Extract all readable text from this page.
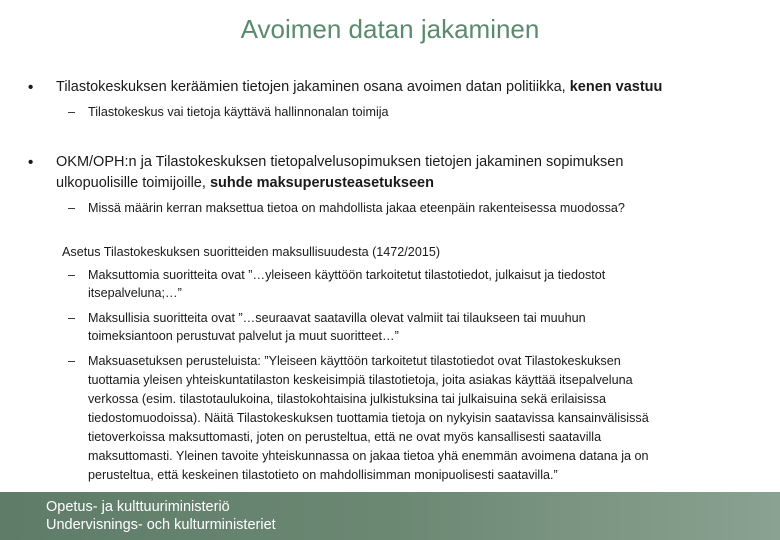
Avoimen datan jakaminen
• Tilastokeskuksen keräämien tietojen jakaminen osana avoimen datan politiikka, kenen vastuu
– Tilastokeskus vai tietoja käyttävä hallinnonalan toimija
• OKM/OPH:n ja Tilastokeskuksen tietopalvelusopimuksen tietojen jakaminen sopimuksen
ulkopuolisille toimijoille, suhde maksuperusteasetukseen
– Missä määrin kerran maksettua tietoa on mahdollista jakaa eteenpäin rakenteisessa muodossa?
Asetus Tilastokeskuksen suoritteiden maksullisuudesta (1472/2015)
– Maksuttomia suoritteita ovat ”…yleiseen käyttöön tarkoitetut tilastotiedot, julkaisut ja tiedostot
itsepalveluna;…”
– Maksullisia suoritteita ovat ”…seuraavat saatavilla olevat valmiit tai tilaukseen tai muuhun
toimeksiantoon perustuvat palvelut ja muut suoritteet…”
– Maksuasetuksen perusteluista: ”Yleiseen käyttöön tarkoitetut tilastotiedot ovat Tilastokeskuksen
tuottamia yleisen yhteiskuntatilaston keskeisimpiä tilastotietoja, joita asiakas käyttää itsepalveluna
verkossa (esim. tilastotaulukoina, tilastokohtaisina julkistuksina tai julkaisuina sekä erilaisissa
tiedostomuodoissa). Näitä Tilastokeskuksen tuottamia tietoja on nykyisin saatavissa kansainvälisissä
tietoverkoissa maksuttomasti, joten on perusteltua, että ne ovat myös kansallisesti saatavilla
maksuttomasti. Yleinen tavoite yhteiskunnassa on jakaa tietoa yhä enemmän avoimena datana ja on
perusteltua, että keskeinen tilastotieto on mahdollisimman monipuolisesti saatavilla.”
Opetus- ja kulttuuriministeriö
Undervisnings- och kulturministeriet
